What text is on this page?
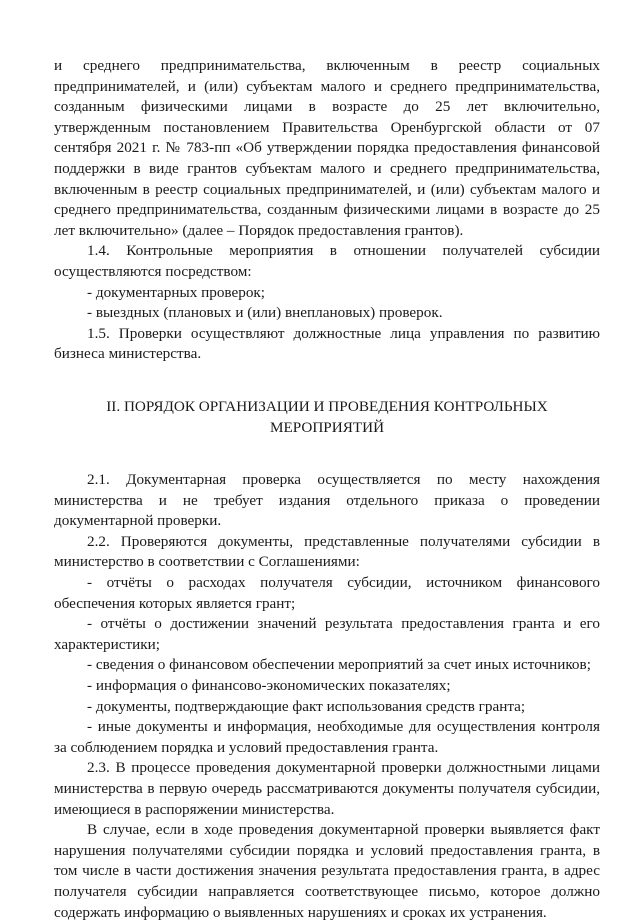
и среднего предпринимательства, включенным в реестр социальных предпринимателей, и (или) субъектам малого и среднего предпринимательства, созданным физическими лицами в возрасте до 25 лет включительно, утвержденным постановлением Правительства Оренбургской области от 07 сентября 2021 г. № 783-пп «Об утверждении порядка предоставления финансовой поддержки в виде грантов субъектам малого и среднего предпринимательства, включенным в реестр социальных предпринимателей, и (или) субъектам малого и среднего предпринимательства, созданным физическими лицами в возрасте до 25 лет включительно» (далее – Порядок предоставления грантов).

1.4. Контрольные мероприятия в отношении получателей субсидии осуществляются посредством:

- документарных проверок;

- выездных (плановых и (или) внеплановых) проверок.

1.5. Проверки осуществляют должностные лица управления по развитию бизнеса министерства.

II. ПОРЯДОК ОРГАНИЗАЦИИ И ПРОВЕДЕНИЯ КОНТРОЛЬНЫХ
МЕРОПРИЯТИЙ

2.1. Документарная проверка осуществляется по месту нахождения министерства и не требует издания отдельного приказа о проведении документарной проверки.

2.2. Проверяются документы, представленные получателями субсидии в министерство в соответствии с Соглашениями:

- отчёты о расходах получателя субсидии, источником финансового обеспечения которых является грант;

- отчёты о достижении значений результата предоставления гранта и его характеристики;

- сведения о финансовом обеспечении мероприятий за счет иных источников;

- информация о финансово-экономических показателях;

- документы, подтверждающие факт использования средств гранта;

- иные документы и информация, необходимые для осуществления контроля за соблюдением порядка и условий предоставления гранта.

2.3. В процессе проведения документарной проверки должностными лицами министерства в первую очередь рассматриваются документы получателя субсидии, имеющиеся в распоряжении министерства.

В случае, если в ходе проведения документарной проверки выявляется факт нарушения получателями субсидии порядка и условий предоставления гранта, в том числе в части достижения значения результата предоставления гранта, в адрес получателя субсидии направляется соответствующее письмо, которое должно содержать информацию о выявленных нарушениях и сроках их устранения.
